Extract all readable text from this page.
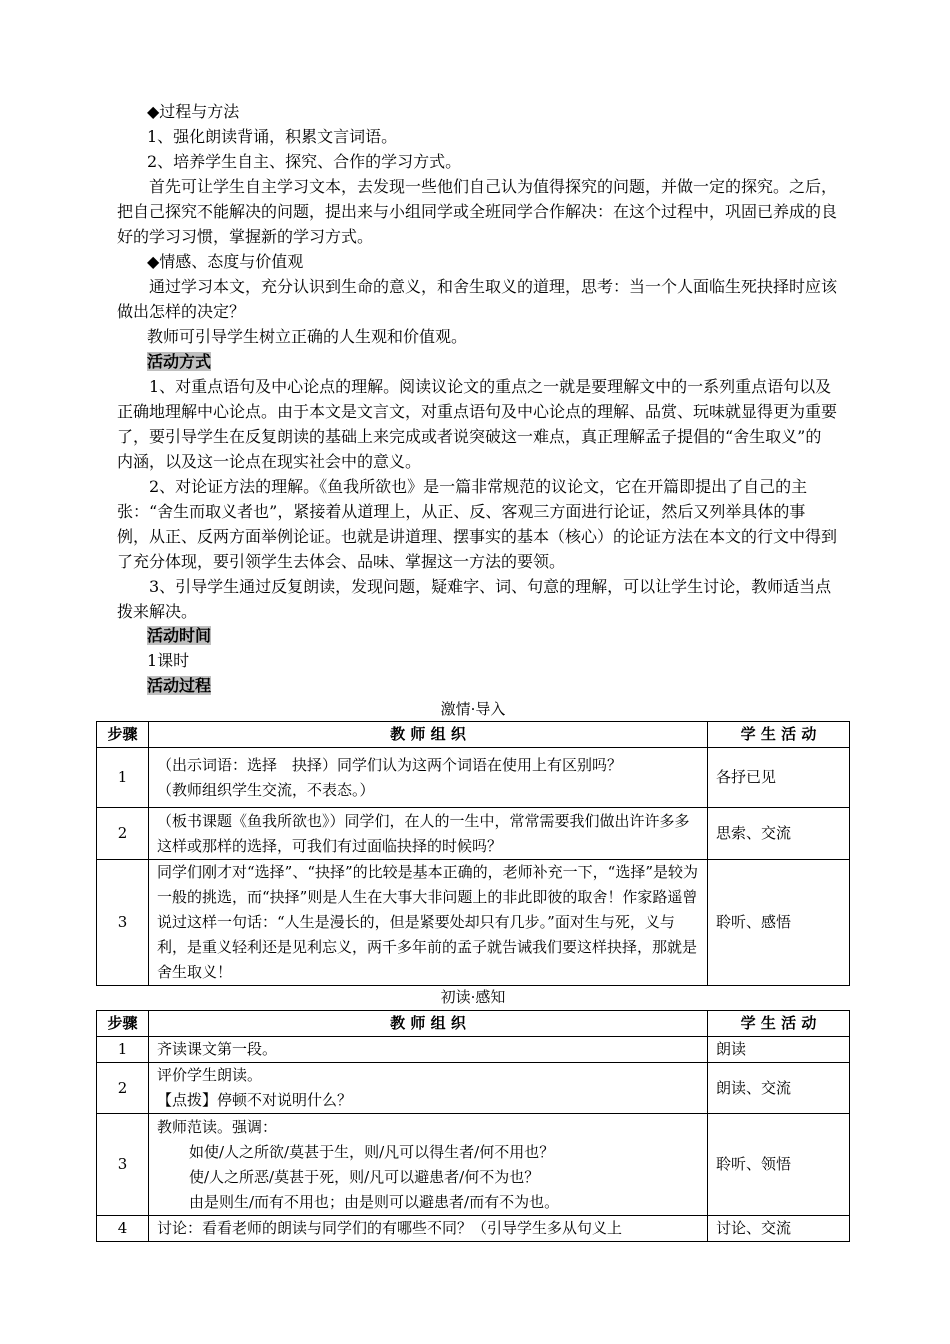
◆过程与方法

1、强化朗读背诵，积累文言词语。

2、培养学生自主、探究、合作的学习方式。

首先可让学生自主学习文本，去发现一些他们自己认为值得探究的问题，并做一定的探究。之后，把自己探究不能解决的问题，提出来与小组同学或全班同学合作解决：在这个过程中，巩固已养成的良好的学习习惯，掌握新的学习方式。

◆情感、态度与价值观

通过学习本文，充分认识到生命的意义，和舍生取义的道理，思考：当一个人面临生死抉择时应该做出怎样的决定？

教师可引导学生树立正确的人生观和价值观。

活动方式

1、对重点语句及中心论点的理解。阅读议论文的重点之一就是要理解文中的一系列重点语句以及正确地理解中心论点。由于本文是文言文，对重点语句及中心论点的理解、品赏、玩味就显得更为重要了，要引导学生在反复朗读的基础上来完成或者说突破这一难点，真正理解孟子提倡的“舍生取义”的内涵，以及这一论点在现实社会中的意义。

2、对论证方法的理解。《鱼我所欲也》是一篇非常规范的议论文，它在开篇即提出了自己的主张：“舍生而取义者也”，紧接着从道理上，从正、反、客观三方面进行论证，然后又列举具体的事例，从正、反两方面举例论证。也就是讲道理、摆事实的基本（核心）的论证方法在本文的行文中得到了充分体现，要引领学生去体会、品味、掌握这一方法的要领。

3、引导学生通过反复朗读，发现问题，疑难字、词、句意的理解，可以让学生讨论，教师适当点拨来解决。

活动时间

1课时

活动过程

激情·导入
步骤	教 师 组 织	学 生 活 动
1	（出示词语：选择　抉择）同学们认为这两个词语在使用上有区别吗？
（教师组织学生交流，不表态。）	各抒已见
2	（板书课题《鱼我所欲也》）同学们，在人的一生中，常常需要我们做出许许多多这样或那样的选择，可我们有过面临抉择的时候吗？	思索、交流
3	同学们刚才对“选择”、“抉择”的比较是基本正确的，老师补充一下，“选择”是较为一般的挑选，而“抉择”则是人生在大事大非问题上的非此即彼的取舍！作家路遥曾说过这样一句话：“人生是漫长的，但是紧要处却只有几步。”面对生与死，义与利，是重义轻利还是见利忘义，两千多年前的孟子就告诫我们要这样抉择，那就是舍生取义！	聆听、感悟
初读·感知
步骤	教 师 组 织	学 生 活 动
1	齐读课文第一段。	朗读
2	评价学生朗读。
【点拨】停顿不对说明什么？	朗读、交流
3	教师范读。强调：
如使/人之所欲/莫甚于生，则/凡可以得生者/何不用也？
使/人之所恶/莫甚于死，则/凡可以避患者/何不为也？
由是则生/而有不用也；由是则可以避患者/而有不为也。	聆听、领悟
4	讨论：看看老师的朗读与同学们的有哪些不同？（引导学生多从句义上	讨论、交流
